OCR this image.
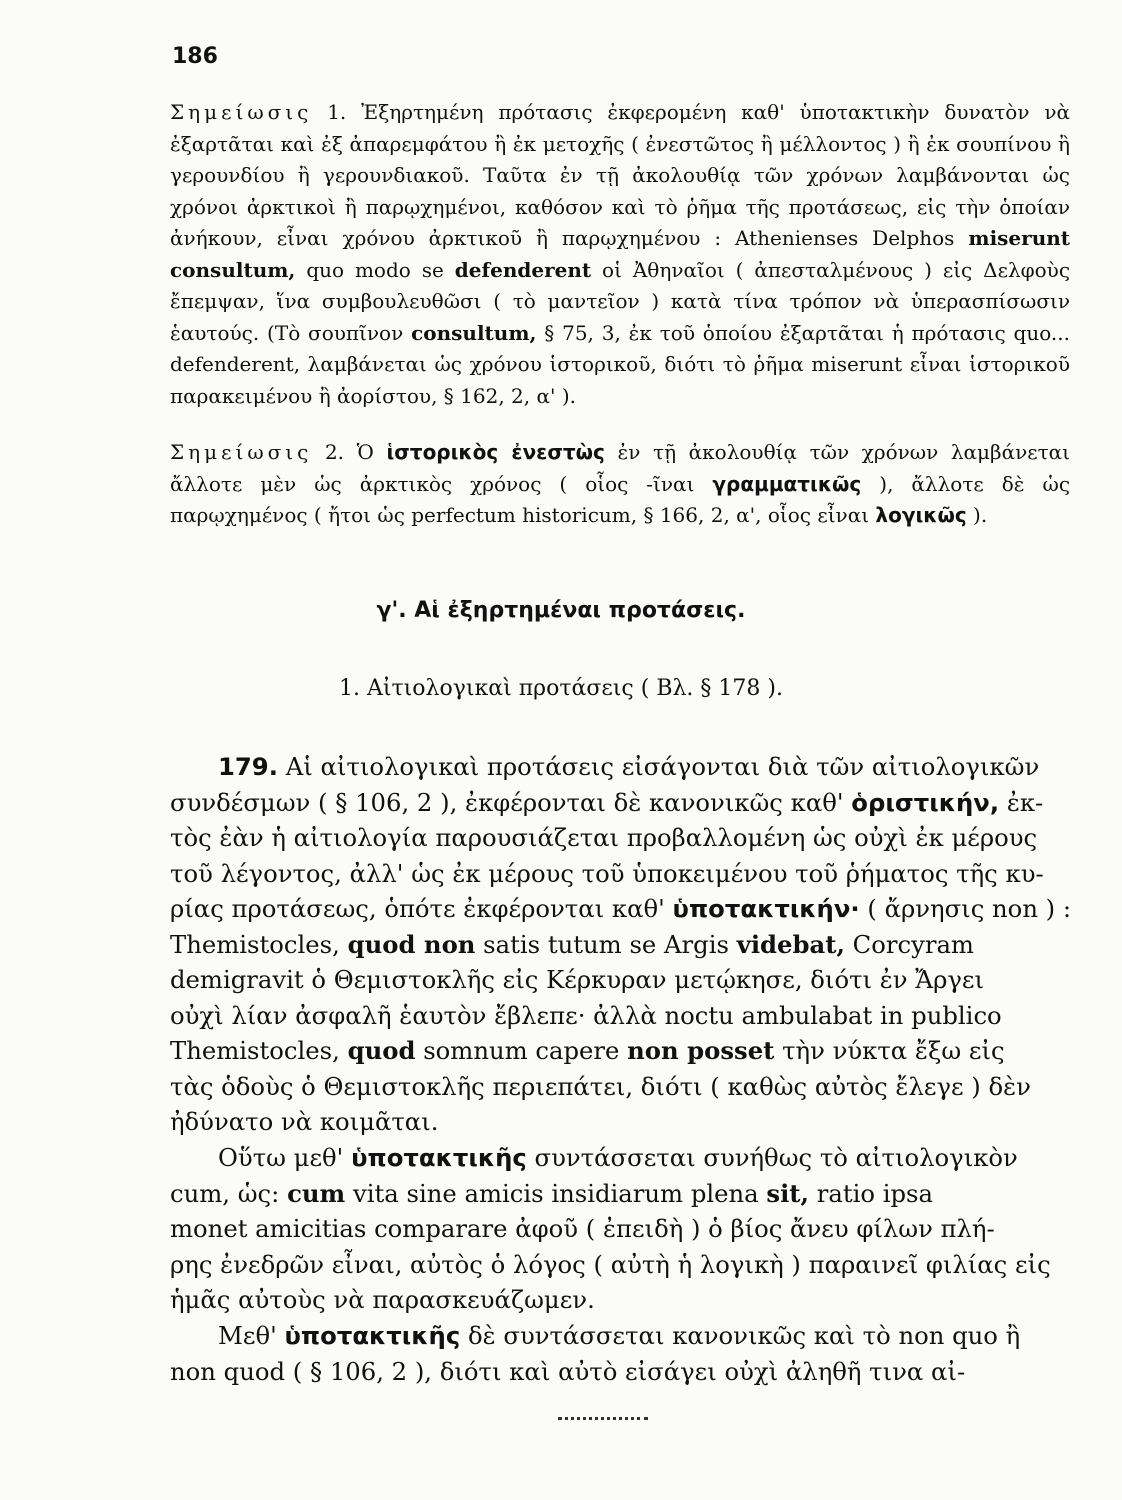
186
Σημείωσις 1. Ἐξηρτημένη πρότασις ἐκφερομένη καθ' ὑποτακτικὴν δυνατὸν νὰ ἐξαρτᾶται καὶ ἐξ ἀπαρεμφάτου ἢ ἐκ μετοχῆς ( ἐνεστῶτος ἢ μέλλοντος ) ἢ ἐκ σουπίνου ἢ γερουνδίου ἢ γερουνδιακοῦ. Ταῦτα ἐν τῇ ἀκολουθίᾳ τῶν χρόνων λαμβάνονται ὡς χρόνοι ἀρκτικοὶ ἢ παρῳχημένοι, καθόσον καὶ τὸ ῥῆμα τῆς προτάσεως, εἰς τὴν ὁποίαν ἀνήκουν, εἶναι χρόνου ἀρκτικοῦ ἢ παρῳχημένου : Athenienses Delphos miserunt consultum, quo modo se defenderent οἱ Ἀθηναῖοι ( ἀπεσταλμένους ) εἰς Δελφοὺς ἔπεμψαν, ἵνα συμβουλευθῶσι ( τὸ μαντεῖον ) κατὰ τίνα τρόπον νὰ ὑπερασπίσωσιν ἑαυτούς. (Τὸ σουπῖνον consultum, § 75, 3, ἐκ τοῦ ὁποίου ἐξαρτᾶται ἡ πρότασις quo... defenderent, λαμβάνεται ὡς χρόνου ἱστορικοῦ, διότι τὸ ῥῆμα miserunt εἶναι ἱστορικοῦ παρακειμένου ἢ ἀορίστου, § 162, 2, α' ).
Σημείωσις 2. Ὁ ἱστορικὸς ἐνεστὼς ἐν τῇ ἀκολουθίᾳ τῶν χρόνων λαμβάνεται ἄλλοτε μὲν ὡς ἀρκτικὸς χρόνος ( οἷος -ῖναι γραμματικῶς ), ἄλλοτε δὲ ὡς παρῳχημένος ( ἤτοι ὡς perfectum historicum, § 166, 2, α', οἷος εἶναι λογικῶς ).
γ'. Αἱ ἐξηρτημέναι προτάσεις.
1. Αἰτιολογικαὶ προτάσεις ( Βλ. § 178 ).
179. Αἱ αἰτιολογικαὶ προτάσεις εἰσάγονται διὰ τῶν αἰτιολογικῶν
συνδέσμων ( § 106, 2 ), ἐκφέρονται δὲ κανονικῶς καθ' ὁριστικήν, ἐκ-
τὸς ἐὰν ἡ αἰτιολογία παρουσιάζεται προβαλλομένη ὡς οὐχὶ ἐκ μέρους
τοῦ λέγοντος, ἀλλ' ὡς ἐκ μέρους τοῦ ὑποκειμένου τοῦ ῥήματος τῆς κυ-
ρίας προτάσεως, ὁπότε ἐκφέρονται καθ' ὑποτακτικήν· ( ἄρνησις non ) :
Themistocles, quod non satis tutum se Argis videbat, Corcyram
demigravit ὁ Θεμιστοκλῆς εἰς Κέρκυραν μετῴκησε, διότι ἐν Ἄργει
οὐχὶ λίαν ἀσφαλῆ ἑαυτὸν ἔβλεπε· ἀλλὰ noctu ambulabat in publico
Themistocles, quod somnum capere non posset τὴν νύκτα ἔξω εἰς
τὰς ὁδοὺς ὁ Θεμιστοκλῆς περιεπάτει, διότι ( καθὼς αὐτὸς ἔλεγε ) δὲν
ἠδύνατο νὰ κοιμᾶται.
Οὕτω μεθ' ὑποτακτικῆς συντάσσεται συνήθως τὸ αἰτιολογικὸν
cum, ὡς: cum vita sine amicis insidiarum plena sit, ratio ipsa
monet amicitias comparare ἀφοῦ ( ἐπειδὴ ) ὁ βίος ἄνευ φίλων πλή-
ρης ἐνεδρῶν εἶναι, αὐτὸς ὁ λόγος ( αὐτὴ ἡ λογικὴ ) παραινεῖ φιλίας εἰς
ἡμᾶς αὐτοὺς νὰ παρασκευάζωμεν.
Μεθ' ὑποτακτικῆς δὲ συντάσσεται κανονικῶς καὶ τὸ non quo ἢ
non quod ( § 106, 2 ), διότι καὶ αὐτὸ εἰσάγει οὐχὶ ἀληθῆ τινα αἰ-
